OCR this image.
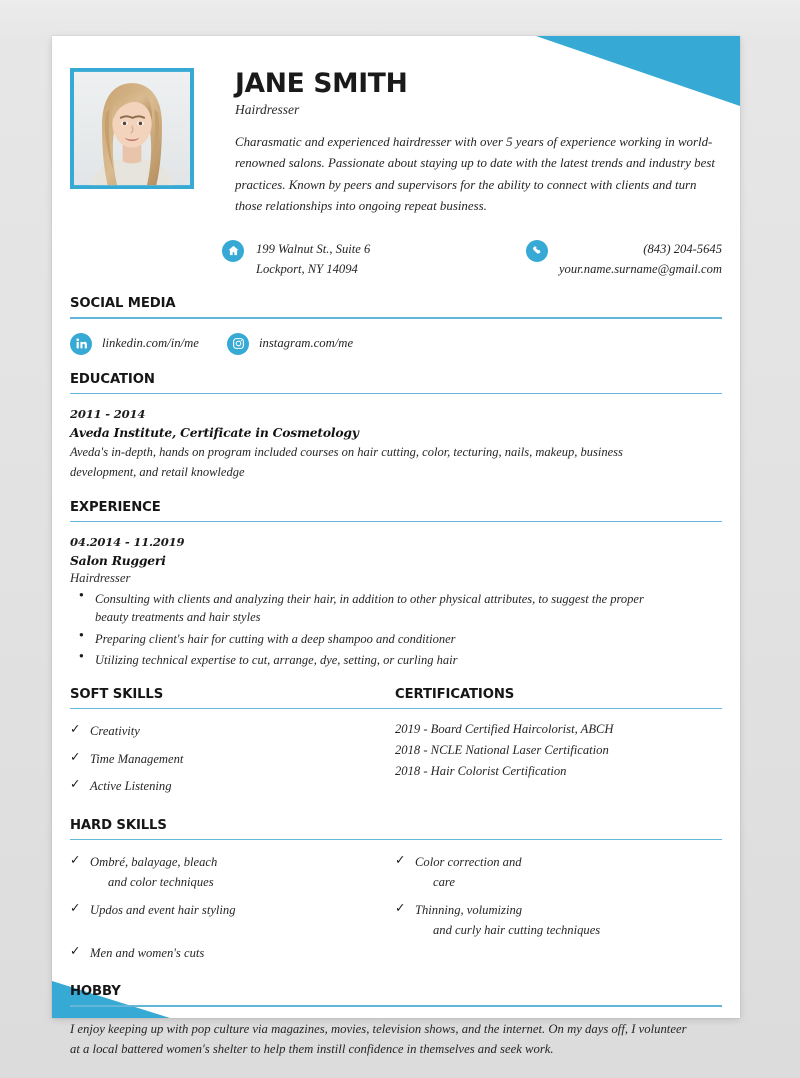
JANE SMITH
Hairdresser
Charasmatic and experienced hairdresser with over 5 years of experience working in world-renowned salons. Passionate about staying up to date with the latest trends and industry best practices. Known by peers and supervisors for the ability to connect with clients and turn those relationships into ongoing repeat business.
199 Walnut St., Suite 6
Lockport, NY 14094
(843) 204-5645
your.name.surname@gmail.com
SOCIAL MEDIA
linkedin.com/in/me	instagram.com/me
EDUCATION
2011 - 2014
Aveda Institute, Certificate in Cosmetology
Aveda's in-depth, hands on program included courses on hair cutting, color, tecturing, nails, makeup, business development, and retail knowledge
EXPERIENCE
04.2014 - 11.2019
Salon Ruggeri
Hairdresser
● Consulting with clients and analyzing their hair, in addition to other physical attributes, to suggest the proper beauty treatments and hair styles
● Preparing client's hair for cutting with a deep shampoo and conditioner
● Utilizing technical expertise to cut, arrange, dye, setting, or curling hair
SOFT SKILLS	CERTIFICATIONS
✓ Creativity
✓ Time Management
✓ Active Listening
2019 - Board Certified Haircolorist, ABCH
2018 - NCLE National Laser Certification
2018 - Hair Colorist Certification
HARD SKILLS
✓ Ombré, balayage, bleach
and color techniques
✓ Updos and event hair styling
✓ Men and women's cuts
✓ Color correction and
care
✓ Thinning, volumizing
and curly hair cutting techniques
HOBBY
I enjoy keeping up with pop culture via magazines, movies, television shows, and the internet. On my days off, I volunteer at a local battered women's shelter to help them instill confidence in themselves and seek work.
